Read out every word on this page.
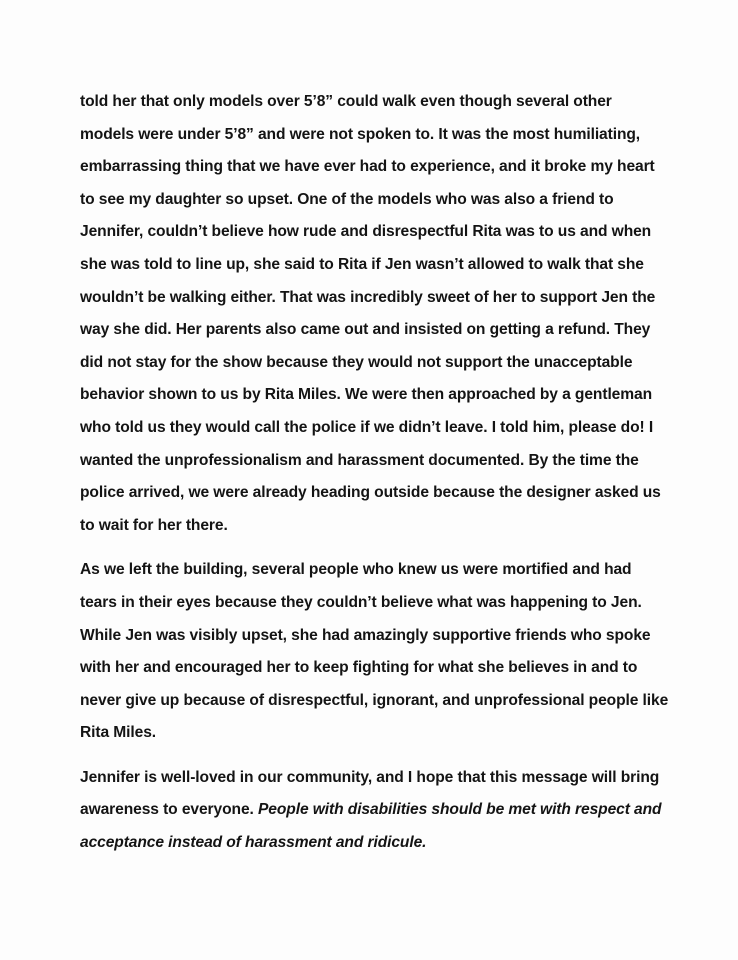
told her that only models over 5’8” could walk even though several other
models were under 5’8” and were not spoken to. It was the most humiliating,
embarrassing thing that we have ever had to experience, and it broke my heart
to see my daughter so upset. One of the models who was also a friend to
Jennifer, couldn’t believe how rude and disrespectful Rita was to us and when
she was told to line up, she said to Rita if Jen wasn’t allowed to walk that she
wouldn’t be walking either. That was incredibly sweet of her to support Jen the
way she did. Her parents also came out and insisted on getting a refund. They
did not stay for the show because they would not support the unacceptable
behavior shown to us by Rita Miles. We were then approached by a gentleman
who told us they would call the police if we didn’t leave. I told him, please do! I
wanted the unprofessionalism and harassment documented. By the time the
police arrived, we were already heading outside because the designer asked us
to wait for her there.

As we left the building, several people who knew us were mortified and had
tears in their eyes because they couldn’t believe what was happening to Jen.
While Jen was visibly upset, she had amazingly supportive friends who spoke
with her and encouraged her to keep fighting for what she believes in and to
never give up because of disrespectful, ignorant, and unprofessional people like
Rita Miles.

Jennifer is well-loved in our community, and I hope that this message will bring
awareness to everyone. People with disabilities should be met with respect and
acceptance instead of harassment and ridicule.
